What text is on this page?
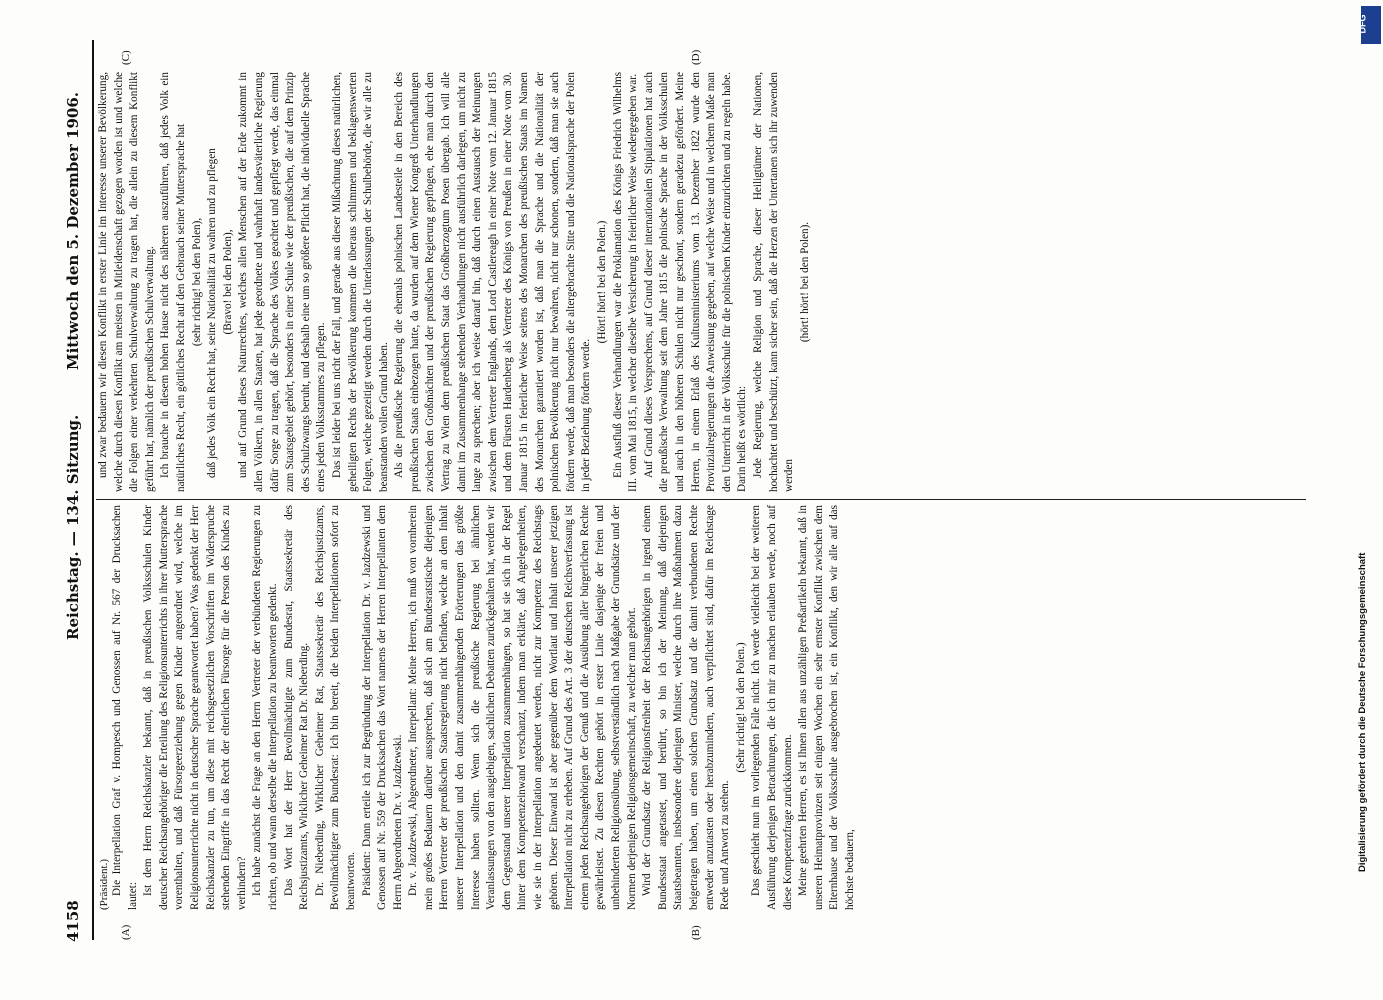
4158
Reichstag. — 134. Sitzung.
Mittwoch den 5. Dezember 1906.
(Präsident.)
(A)	(B)
(C)	(D)

Die Interpellation Graf v. Hompesch und Genossen auf Nr. 567 der Drucksachen lautet:

Ist dem Herrn Reichskanzler bekannt, daß in preußischen Volksschulen Kinder deutscher Reichsangehöriger die Erteilung des Religionsunterrichts in ihrer Muttersprache vorenthalten, und daß Fürsorgeerziehung gegen Kinder angeordnet wird, welche im Religionsunterrichte nicht in deutscher Sprache geantwortet haben? Was gedenkt der Herr Reichskanzler zu tun, um diese mit reichsgesetzlichen Vorschriften im Widerspruche stehenden Eingriffe in das Recht der elterlichen Fürsorge für die Person des Kindes zu verhindern? Ich habe zunächst die Frage an den Herrn Vertreter der verbündeten Regierungen zu richten, ob und wann derselbe die Interpellation zu beantworten gedenkt. Das Wort hat der Herr Bevollmächtigte zum Bundesrat, Staatssekretär des Reichsjustizamts, Wirklicher Geheimer Rat Dr. Nieberding. Dr. Nieberding, Wirklicher Geheimer Rat, Staatssekretär des Reichsjustizamts, Bevollmächtigter zum Bundesrat: Ich bin bereit, die beiden Interpellationen sofort zu beantworten. Präsident: Dann erteile ich zur Begründung der Interpellation Dr. v. Jazdzewski und Genossen auf Nr. 559 der Drucksachen das Wort namens der Herren Interpellanten dem Herrn Abgeordneten Dr. v. Jazdzewski. Dr. v. Jazdzewski, Abgeordneter, Interpellant: Meine Herren, ich muß von vornherein mein großes Bedauern darüber aussprechen, daß sich am Bundesratstische diejenigen Herren Vertreter der preußischen Staatsregierung nicht befinden, welche an dem Inhalt unserer Interpellation und den damit zusammenhängenden Erörterungen das größte Interesse haben sollten. Wenn sich die preußische Regierung bei ähnlichen Veranlassungen von den ausgiebigen, sachlichen Debatten zurückgehalten hat, werden wir dem Gegenstand unserer Interpellation zusammenhängen, so hat sie sich in der Regel hinter dem Kompetenzeinwand verschanzt, indem man erklärte, daß Angelegenheiten, wie sie in der Interpellation angedeutet werden, nicht zur Kompetenz des Reichstags gehören. Dieser Einwand ist aber gegenüber dem Wortlaut und Inhalt unserer jetzigen Interpellation nicht zu erheben. Auf Grund des Art. 3 der deutschen Reichsverfassung ist einem jeden Reichsangehörigen der Genuß und die Ausübung aller bürgerlichen Rechte gewährleistet. Zu diesen Rechten gehört in erster Linie dasjenige der freien und unbehinderten Religionsübung, selbstverständlich nach Maßgabe der Grundsätze und der Normen derjenigen Religionsgemeinschaft, zu welcher man gehört. Wird der Grundsatz der Religionsfreiheit der Reichsangehörigen in irgend einem Bundesstaat angetastet, und berührt, so bin ich der Meinung, daß diejenigen Staatsbeamten, insbesondere diejenigen Minister, welche durch ihre Maßnahmen dazu beigetragen haben, um einen solchen Grundsatz und die damit verbundenen Rechte entweder anzutasten oder herabzumindern, auch verpflichtet sind, dafür im Reichstage Rede und Antwort zu stehen.

(Sehr richtig! bei den Polen.) Das geschieht nun im vorliegenden Falle nicht. Ich werde vielleicht bei der weiteren Ausführung derjenigen Betrachtungen, die ich mir zu machen erlauben werde, noch auf diese Kompetenzfrage zurückkommen. Meine geehrten Herren, es ist Ihnen allen aus unzähligen Preßartikeln bekannt, daß in unseren Heimatprovinzen seit einigen Wochen ein sehr ernster Konflikt zwischen dem Elternhause und der Volksschule ausgebrochen ist, ein Konflikt, den wir alle auf das höchste bedauern,

und zwar bedauern wir diesen Konflikt in erster Linie im Interesse unserer Bevölkerung, welche durch diesen Konflikt am meisten in Mitleidenschaft gezogen worden ist und welche die Folgen einer verkehrten Schulverwaltung zu tragen hat, die allein zu diesem Konflikt geführt hat, nämlich der preußischen Schulverwaltung. Ich brauche in diesem hohen Hause nicht des näheren auszuführen, daß jedes Volk ein natürliches Recht, ein göttliches Recht auf den Gebrauch seiner Muttersprache hat (sehr richtig! bei den Polen), daß jedes Volk ein Recht hat, seine Nationalität zu wahren und zu pflegen (Bravo! bei den Polen), und auf Grund dieses Naturrechtes, welches allen Menschen auf der Erde zukommt in allen Völkern, in allen Staaten, hat jede geordnete und wahrhaft landesväterliche Regierung dafür Sorge zu tragen, daß die Sprache des Volkes geachtet und gepflegt werde, das einmal zum Staatsgebiet gehört, besonders in einer Schule wie der preußischen, die auf dem Prinzip des Schulzwangs beruht, und deshalb eine um so größere Pflicht hat, die individuelle Sprache eines jeden Volksstammes zu pflegen. Das ist leider bei uns nicht der Fall, und gerade aus dieser Mißachtung dieses natürlichen, geheiligten Rechts der Bevölkerung kommen die überaus schlimmen und beklagenswerten Folgen, welche gezeitigt werden durch die Unterlassungen der Schulbehörde, die wir alle zu beanstanden vollen Grund haben. Als die preußische Regierung die ehemals polnischen Landesteile in den Bereich des preußischen Staats einbezogen hatte, da wurden auf dem Wiener Kongreß Unterhandlungen zwischen den Großmächten und der preußischen Regierung gepflogen, ehe man durch den Vertrag zu Wien dem preußischen Staat das Großherzogtum Posen übergab. Ich will alle damit im Zusammenhange stehenden Verhandlungen nicht ausführlich darlegen, um nicht zu lange zu sprechen; aber ich weise darauf hin, daß durch einen Austausch der Meinungen zwischen dem Vertreter Englands, dem Lord Castlereagh in einer Note vom 12. Januar 1815 und dem Fürsten Hardenberg als Vertreter des Königs von Preußen in einer Note vom 30. Januar 1815 in feierlicher Weise seitens des Monarchen des preußischen Staats im Namen des Monarchen garantiert worden ist, daß man die Sprache und die Nationalität der polnischen Bevölkerung nicht nur bewahren, nicht nur schonen, sondern, daß man sie auch fördern werde, daß man besonders die altergebrachte Sitte und die Nationalsprache der Polen in jeder Beziehung fördern werde.

(Hört! hört! bei den Polen.) Ein Ausfluß dieser Verhandlungen war die Proklamation des Königs Friedrich Wilhelms III. vom Mai 1815, in welcher dieselbe Versicherung in feierlicher Weise wiedergegeben war. Auf Grund dieses Versprechens, auf Grund dieser internationalen Stipulationen hat auch die preußische Verwaltung seit dem Jahre 1815 die polnische Sprache in der Volksschulen und auch in den höheren Schulen nicht nur geschont, sondern geradezu gefördert. Meine Herren, in einem Erlaß des Kultusministeriums vom 13. Dezember 1822 wurde den Provinzialregierungen die Anweisung gegeben, auf welche Weise und in welchem Maße man den Unterricht in der Volksschule für die polnischen Kinder einzurichten und zu regeln habe. Darin heißt es wörtlich: Jede Regierung, welche Religion und Sprache, dieser Heiligtümer der Nationen, hochachtet und beschützt, kann sicher sein, daß die Herzen der Untertanen sich ihr zuwenden werden

(hört! hört! bei den Polen).

DFG
Digitalisierung gefördert durch die Deutsche Forschungsgemeinschaft
